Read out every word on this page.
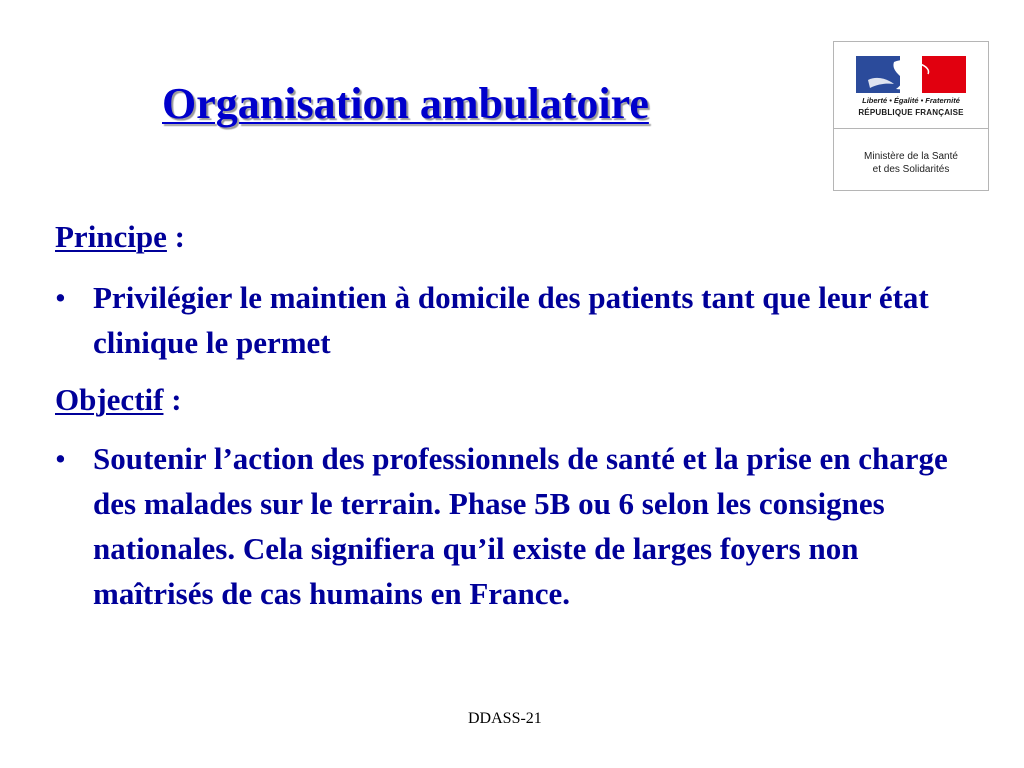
Organisation ambulatoire	Liberté • Égalité • Fraternité
RÉPUBLIQUE FRANÇAISE
Ministère de la Santé
et des Solidarités
Principe :
• Privilégier le maintien à domicile des patients tant que leur état clinique le permet
Objectif :
• Soutenir l’action des professionnels de santé et la prise en charge des malades sur le terrain. Phase 5B ou 6 selon les consignes nationales. Cela signifiera qu’il existe de larges foyers non maîtrisés de cas humains en France.
DDASS-21
